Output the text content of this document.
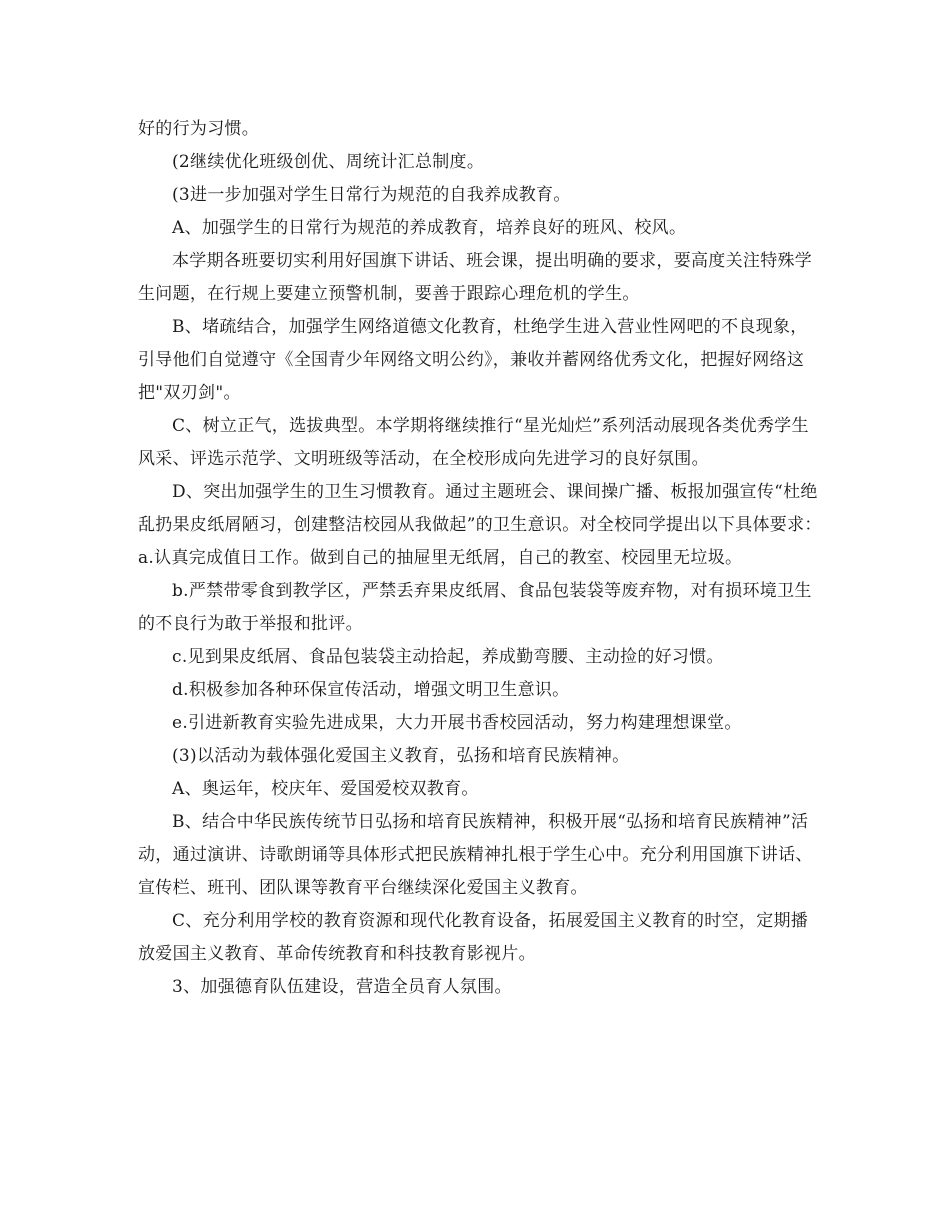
好的行为习惯。

(2继续优化班级创优、周统计汇总制度。

(3进一步加强对学生日常行为规范的自我养成教育。

A、加强学生的日常行为规范的养成教育，培养良好的班风、校风。

本学期各班要切实利用好国旗下讲话、班会课，提出明确的要求，要高度关注特殊学生问题，在行规上要建立预警机制，要善于跟踪心理危机的学生。

B、堵疏结合，加强学生网络道德文化教育，杜绝学生进入营业性网吧的不良现象，引导他们自觉遵守《全国青少年网络文明公约》，兼收并蓄网络优秀文化，把握好网络这把"双刃剑"。

C、树立正气，选拔典型。本学期将继续推行“星光灿烂”系列活动展现各类优秀学生风采、评选示范学、文明班级等活动，在全校形成向先进学习的良好氛围。

D、突出加强学生的卫生习惯教育。通过主题班会、课间操广播、板报加强宣传“杜绝乱扔果皮纸屑陋习，创建整洁校园从我做起”的卫生意识。对全校同学提出以下具体要求： a.认真完成值日工作。做到自己的抽屉里无纸屑，自己的教室、校园里无垃圾。

b.严禁带零食到教学区，严禁丢弃果皮纸屑、食品包装袋等废弃物，对有损环境卫生的不良行为敢于举报和批评。

c.见到果皮纸屑、食品包装袋主动拾起，养成勤弯腰、主动捡的好习惯。

d.积极参加各种环保宣传活动，增强文明卫生意识。

e.引进新教育实验先进成果，大力开展书香校园活动，努力构建理想课堂。

(3)以活动为载体强化爱国主义教育，弘扬和培育民族精神。

A、奥运年，校庆年、爱国爱校双教育。

B、结合中华民族传统节日弘扬和培育民族精神，积极开展“弘扬和培育民族精神”活动，通过演讲、诗歌朗诵等具体形式把民族精神扎根于学生心中。充分利用国旗下讲话、宣传栏、班刊、团队课等教育平台继续深化爱国主义教育。

C、充分利用学校的教育资源和现代化教育设备，拓展爱国主义教育的时空，定期播放爱国主义教育、革命传统教育和科技教育影视片。

3、加强德育队伍建设，营造全员育人氛围。
